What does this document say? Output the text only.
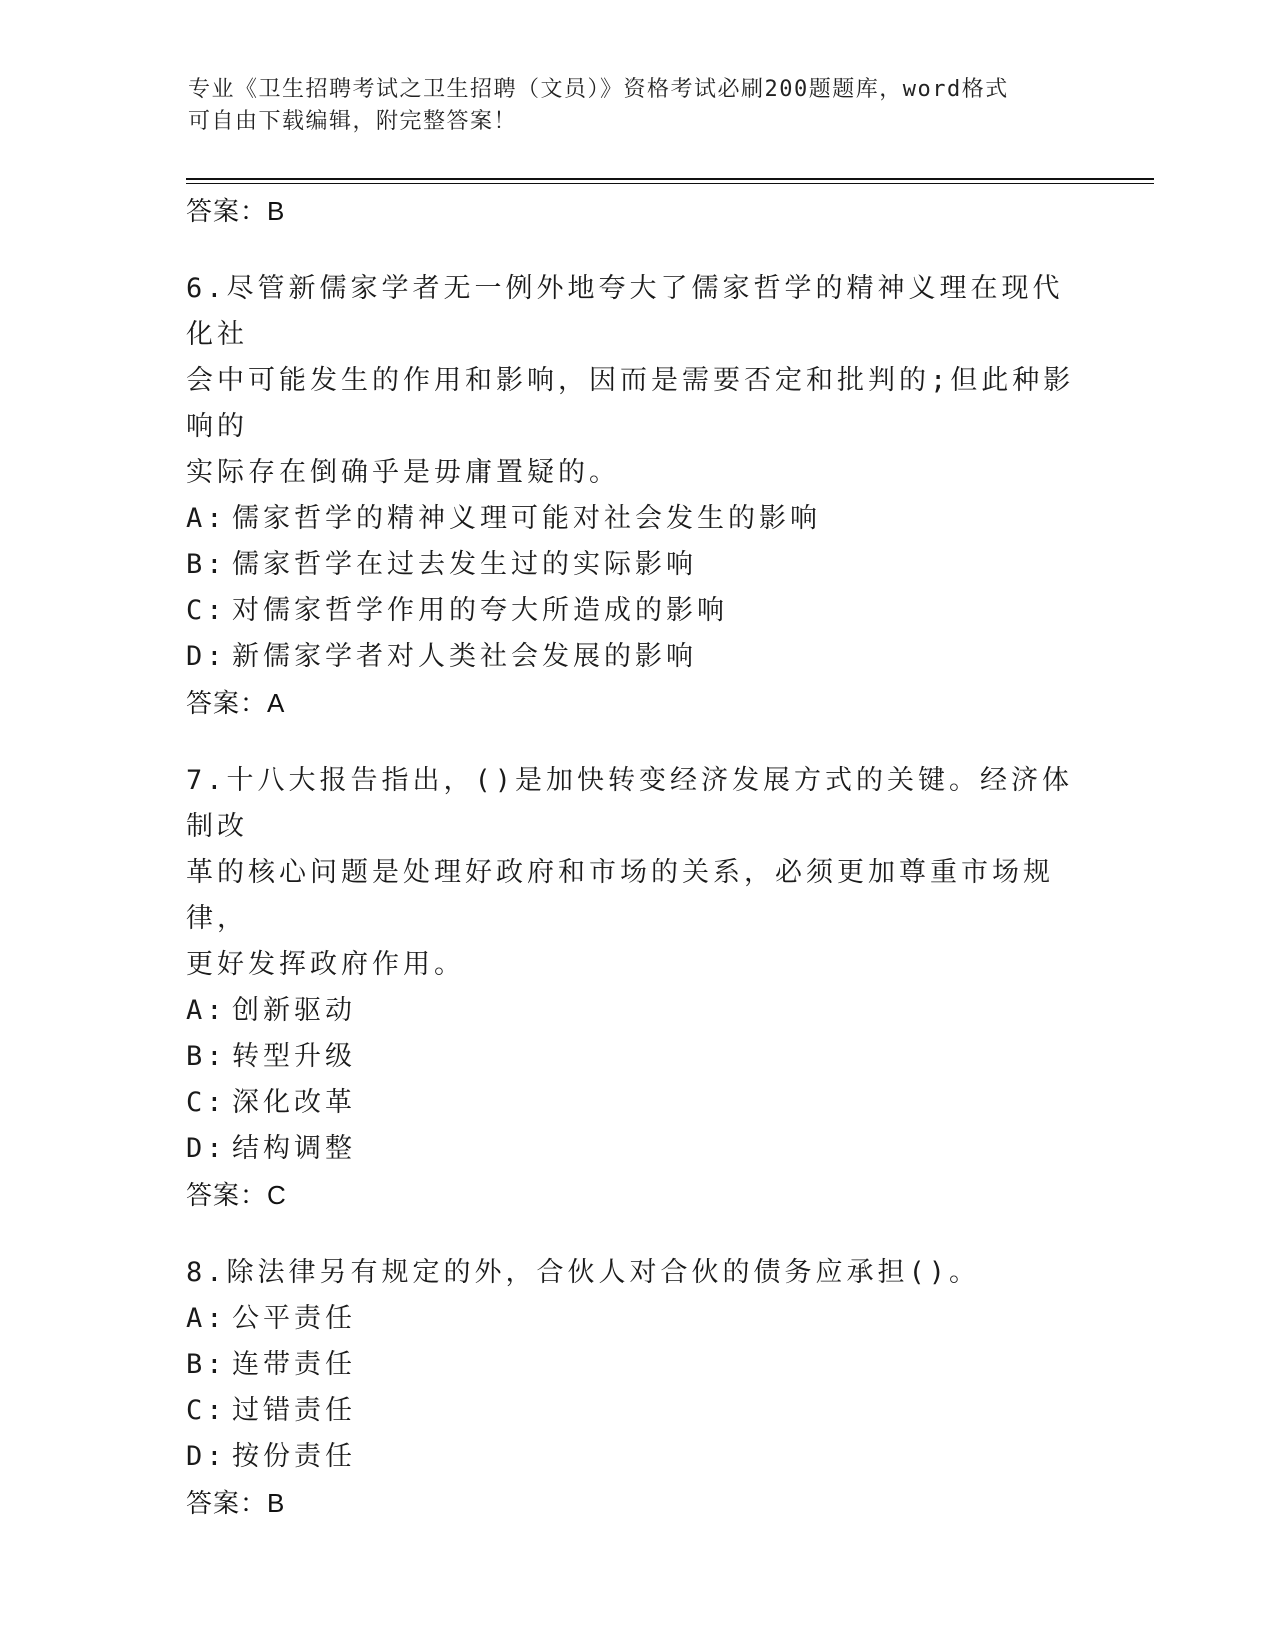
专业《卫生招聘考试之卫生招聘（文员）》资格考试必刷200题题库，word格式
可自由下载编辑，附完整答案！
答案：B
6.尽管新儒家学者无一例外地夸大了儒家哲学的精神义理在现代化社
会中可能发生的作用和影响，因而是需要否定和批判的;但此种影响的
实际存在倒确乎是毋庸置疑的。
A: 儒家哲学的精神义理可能对社会发生的影响
B: 儒家哲学在过去发生过的实际影响
C: 对儒家哲学作用的夸大所造成的影响
D: 新儒家学者对人类社会发展的影响
答案：A
7.十八大报告指出，()是加快转变经济发展方式的关键。经济体制改
革的核心问题是处理好政府和市场的关系，必须更加尊重市场规律，
更好发挥政府作用。
A: 创新驱动
B: 转型升级
C: 深化改革
D: 结构调整
答案：C
8.除法律另有规定的外，合伙人对合伙的债务应承担()。
A: 公平责任
B: 连带责任
C: 过错责任
D: 按份责任
答案：B
